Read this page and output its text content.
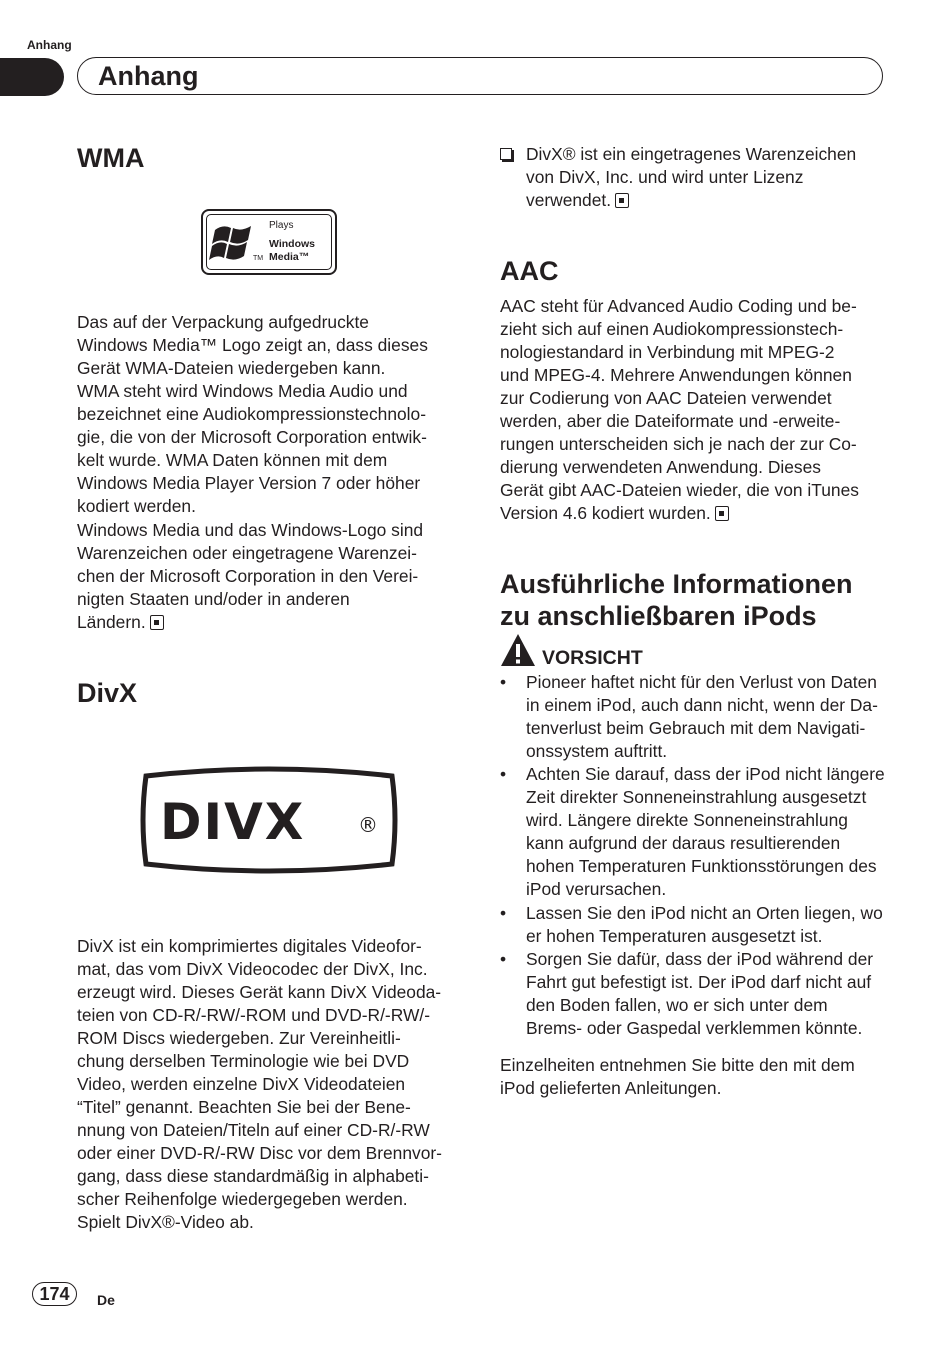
Anhang
Anhang
WMA
TM
Plays
Windows
Media™

Das auf der Verpackung aufgedruckte
Windows Media™ Logo zeigt an, dass dieses
Gerät WMA-Dateien wiedergeben kann.
WMA steht wird Windows Media Audio und
bezeichnet eine Audiokompressionstechnolo-
gie, die von der Microsoft Corporation entwik-
kelt wurde. WMA Daten können mit dem
Windows Media Player Version 7 oder höher
kodiert werden.

Windows Media und das Windows-Logo sind
Warenzeichen oder eingetragene Warenzei-
chen der Microsoft Corporation in den Verei-
nigten Staaten und/oder in anderen
Ländern.

DivX
DIVX	®

DivX ist ein komprimiertes digitales Videofor-
mat, das vom DivX Videocodec der DivX, Inc.
erzeugt wird. Dieses Gerät kann DivX Videoda-
teien von CD-R/-RW/-ROM und DVD-R/-RW/-
ROM Discs wiedergeben. Zur Vereinheitli-
chung derselben Terminologie wie bei DVD
Video, werden einzelne DivX Videodateien
“Titel” genannt. Beachten Sie bei der Bene-
nnung von Dateien/Titeln auf einer CD-R/-RW
oder einer DVD-R/-RW Disc vor dem Brennvor-
gang, dass diese standardmäßig in alphabeti-
scher Reihenfolge wiedergegeben werden.
Spielt DivX®-Video ab.

DivX® ist ein eingetragenes Warenzeichen
von DivX, Inc. und wird unter Lizenz
verwendet.
AAC

AAC steht für Advanced Audio Coding und be-
zieht sich auf einen Audiokompressionstech-
nologiestandard in Verbindung mit MPEG-2
und MPEG-4. Mehrere Anwendungen können
zur Codierung von AAC Dateien verwendet
werden, aber die Dateiformate und -erweite-
rungen unterscheiden sich je nach der zur Co-
dierung verwendeten Anwendung. Dieses
Gerät gibt AAC-Dateien wieder, die von iTunes
Version 4.6 kodiert wurden.

Ausführliche Informationen
zu anschließbaren iPods
VORSICHT
•	Pioneer haftet nicht für den Verlust von Daten
in einem iPod, auch dann nicht, wenn der Da-
tenverlust beim Gebrauch mit dem Navigati-
onssystem auftritt.
•	Achten Sie darauf, dass der iPod nicht längere
Zeit direkter Sonneneinstrahlung ausgesetzt
wird. Längere direkte Sonneneinstrahlung
kann aufgrund der daraus resultierenden
hohen Temperaturen Funktionsstörungen des
iPod verursachen.
•	Lassen Sie den iPod nicht an Orten liegen, wo
er hohen Temperaturen ausgesetzt ist.
•	Sorgen Sie dafür, dass der iPod während der
Fahrt gut befestigt ist. Der iPod darf nicht auf
den Boden fallen, wo er sich unter dem
Brems- oder Gaspedal verklemmen könnte.

Einzelheiten entnehmen Sie bitte den mit dem
iPod gelieferten Anleitungen.

174	De
